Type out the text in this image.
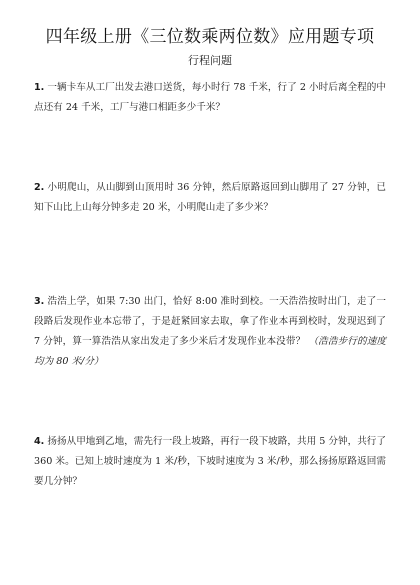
四年级上册《三位数乘两位数》应用题专项
行程问题
1. 一辆卡车从工厂出发去港口送货，每小时行 78 千米，行了 2 小时后离全程的中点还有 24 千米，工厂与港口相距多少千米？
2. 小明爬山，从山脚到山顶用时 36 分钟，然后原路返回到山脚用了 27 分钟，已知下山比上山每分钟多走 20 米，小明爬山走了多少米？
3. 浩浩上学，如果 7:30 出门，恰好 8:00 准时到校。一天浩浩按时出门，走了一段路后发现作业本忘带了，于是赶紧回家去取，拿了作业本再到校时，发现迟到了 7 分钟，算一算浩浩从家出发走了多少米后才发现作业本没带？ （浩浩步行的速度均为 80 米/分）
4. 扬扬从甲地到乙地，需先行一段上坡路，再行一段下坡路，共用 5 分钟，共行了 360 米。已知上坡时速度为 1 米/秒，下坡时速度为 3 米/秒，那么扬扬原路返回需要几分钟？
